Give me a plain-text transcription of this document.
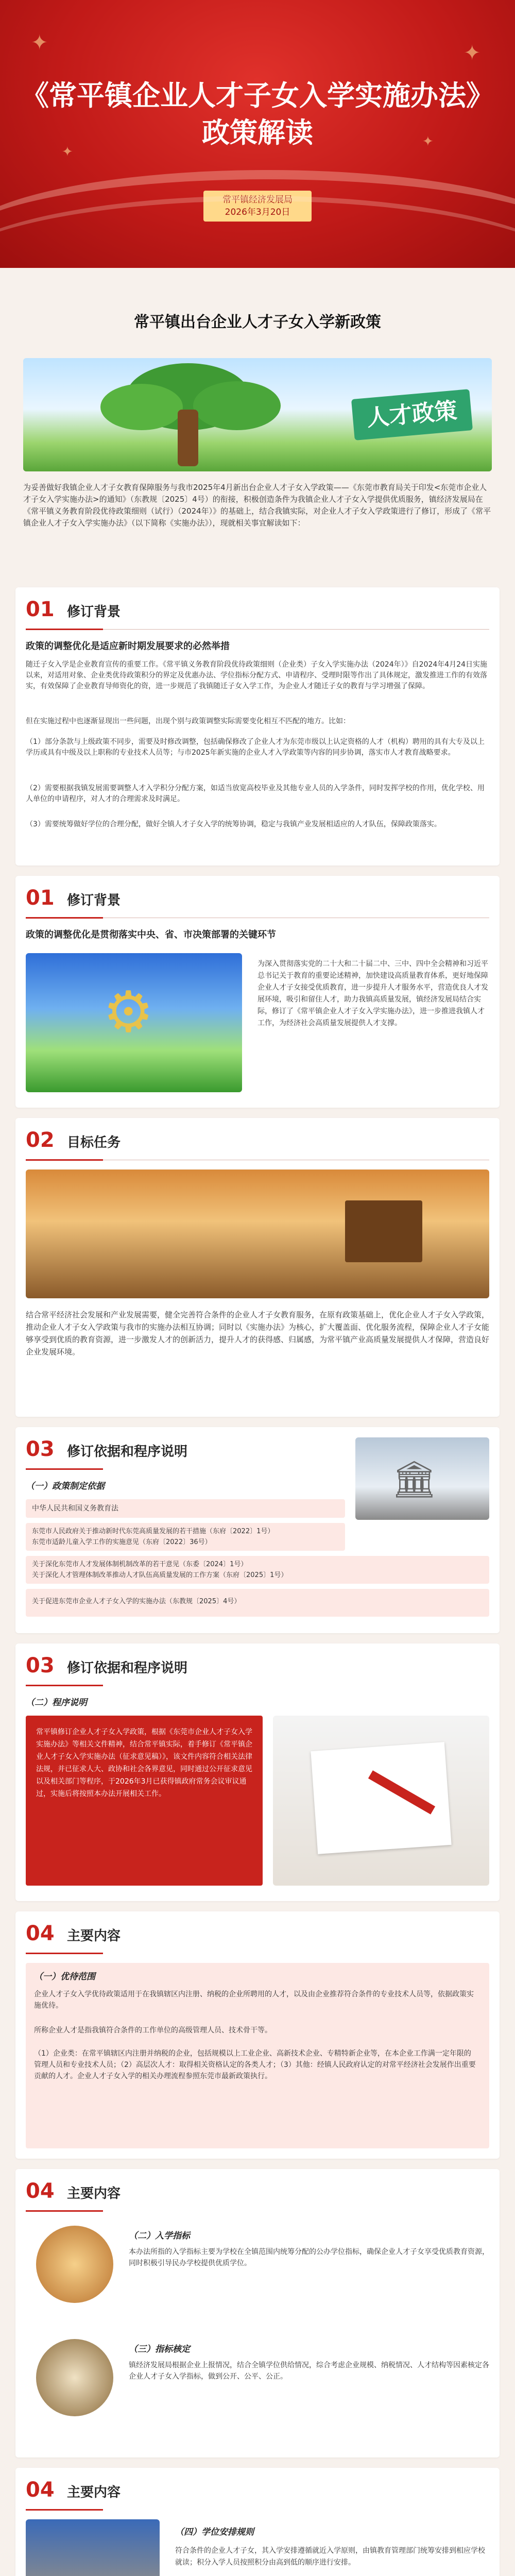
✦	✦
✦
✦
《常平镇企业人才子女入学实施办法》
政策解读
常平镇经济发展局
2026年3月20日
常平镇出台企业人才子女入学新政策
人才政策
为妥善做好我镇企业人才子女教育保障服务与我市2025年4月新出台企业人才子女入学政策——《东莞市教育局关于印发<东莞市企业人才子女入学实施办法>的通知》（东教规〔2025〕4号）的衔接，积极创造条件为我镇企业人才子女入学提供优质服务，镇经济发展局在《常平镇义务教育阶段优待政策细则（试行）（2024年）》的基础上，结合我镇实际，对企业人才子女入学政策进行了修订，形成了《常平镇企业人才子女入学实施办法》（以下简称《实施办法》），现就相关事宜解读如下：
01 修订背景
政策的调整优化是适应新时期发展要求的必然举措
随迁子女入学是企业教育宣传的重要工作。《常平镇义务教育阶段优待政策细则（企业类）子女入学实施办法（2024年）》自2024年4月24日实施以来，对适用对象、企业类优待政策积分的界定及优惠办法、学位指标分配方式、申请程序、受理时限等作出了具体规定，激发推进工作的有效落实，有效保障了企业教育导师资化的资，进一步规范了我镇随迁子女入学工作，为企业人才随迁子女的教育与学习增强了保障。
但在实施过程中也逐渐显现出一些问题，出现个别与政策调整实际需要变化相互不匹配的地方。比如：
（1）部分条款与上级政策不同步，需要及时修改调整，包括确保修改了企业人才为东莞市级以上认定资格的人才（机构）聘用的具有大专及以上学历或具有中级及以上职称的专业技术人员等；与市2025年新实施的企业人才入学政策等内容的同步协调，落实市人才教育战略要求。
（2）需要根据我镇发展需要调整人才入学积分分配方案，如适当放宽高校毕业及其他专业人员的入学条件，同时发挥学校的作用，优化学校、用人单位的申请程序，对人才的合理需求及时满足。
（3）需要统筹做好学位的合理分配，做好全镇人才子女入学的统筹协调，稳定与我镇产业发展相适应的人才队伍，保障政策落实。
01 修订背景
政策的调整优化是贯彻落实中央、省、市决策部署的关键环节
⚙
为深入贯彻落实党的二十大和二十届二中、三中、四中全会精神和习近平总书记关于教育的重要论述精神，加快建设高质量教育体系，更好地保障企业人才子女接受优质教育，进一步提升人才服务水平，营造优良人才发展环境，吸引和留住人才，助力我镇高质量发展，镇经济发展局结合实际，修订了《常平镇企业人才子女入学实施办法》，进一步推进我镇人才工作，为经济社会高质量发展提供人才支撑。
02 目标任务
结合常平经济社会发展和产业发展需要，健全完善符合条件的企业人才子女教育服务，在原有政策基础上，优化企业人才子女入学政策，推动企业人才子女入学政策与我市的实施办法相互协调；同时以《实施办法》为核心，扩大覆盖面、优化服务流程，保障企业人才子女能够享受到优质的教育资源，进一步激发人才的创新活力，提升人才的获得感、归属感，为常平镇产业高质量发展提供人才保障，营造良好企业发展环境。
03 修订依据和程序说明
（一）政策制定依据	🏛
中华人民共和国义务教育法
东莞市人民政府关于推动新时代东莞高质量发展的若干措施（东府〔2022〕1号）
东莞市适龄儿童入学工作的实施意见（东府〔2022〕36号）
关于深化东莞市人才发展体制机制改革的若干意见（东委〔2024〕1号）
关于深化人才管理体制改革推动人才队伍高质量发展的工作方案（东府〔2025〕1号）
关于促进东莞市企业人才子女入学的实施办法（东教规〔2025〕4号）
03 修订依据和程序说明
（二）程序说明
常平镇修订企业人才子女入学政策，根据《东莞市企业人才子女入学实施办法》等相关文件精神，结合常平镇实际，着手修订《常平镇企业人才子女入学实施办法（征求意见稿）》，该文件内容符合相关法律法规，并已征求人大、政协和社会各界意见，同时通过公开征求意见以及相关部门等程序，于2026年3月已获得镇政府常务会议审议通过，实施后将按照本办法开展相关工作。
04 主要内容
（一）优待范围
企业人才子女入学优待政策适用于在我镇辖区内注册、纳税的企业所聘用的人才，以及由企业推荐符合条件的专业技术人员等，依据政策实施优待。
所称企业人才是指我镇符合条件的工作单位的高级管理人员、技术骨干等。
（1）企业类：在常平镇辖区内注册并纳税的企业，包括规模以上工业企业、高新技术企业、专精特新企业等，在本企业工作满一定年限的管理人员和专业技术人员；（2）高层次人才：取得相关资格认定的各类人才；（3）其他：经镇人民政府认定的对常平经济社会发展作出重要贡献的人才。企业人才子女入学的相关办理流程参照东莞市最新政策执行。
04 主要内容
（二）入学指标
本办法所指的入学指标主要为学校在全镇范围内统筹分配的公办学位指标，确保企业人才子女享受优质教育资源，同时积极引导民办学校提供优质学位。
（三）指标核定
镇经济发展局根据企业上报情况，结合全镇学位供给情况，综合考虑企业规模、纳税情况、人才结构等因素核定各企业人才子女入学指标，做到公开、公平、公正。
04 主要内容
（四）学位安排规则
符合条件的企业人才子女，其入学安排遵循就近入学原则，由镇教育管理部门统筹安排到相应学校就读；积分入学人员按照积分由高到低的顺序进行安排。
